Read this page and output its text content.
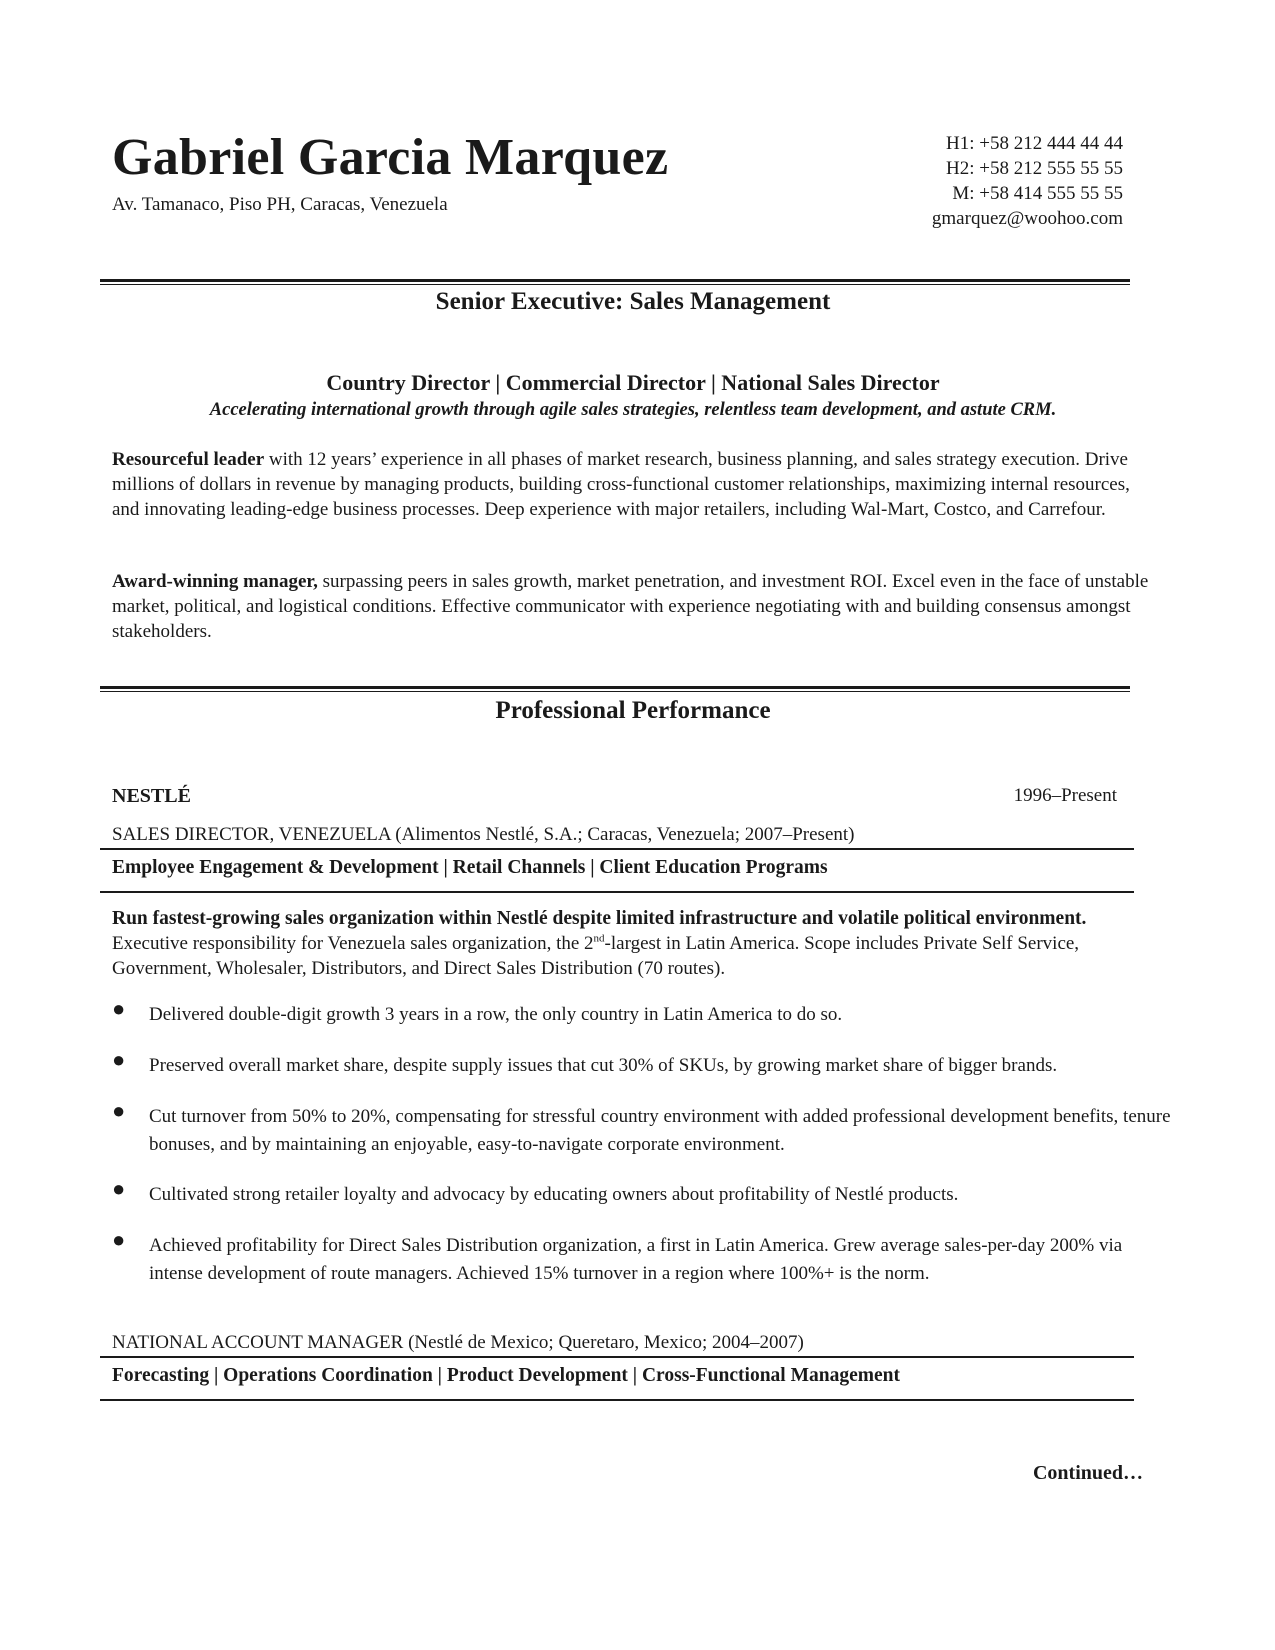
Gabriel Garcia Marquez
Av. Tamanaco, Piso PH, Caracas, Venezuela
H1: +58 212 444 44 44
H2: +58 212 555 55 55
M: +58 414 555 55 55
gmarquez@woohoo.com
Senior Executive: Sales Management
Country Director | Commercial Director | National Sales Director
Accelerating international growth through agile sales strategies, relentless team development, and astute CRM.
Resourceful leader with 12 years’ experience in all phases of market research, business planning, and sales strategy execution. Drive millions of dollars in revenue by managing products, building cross-functional customer relationships, maximizing internal resources, and innovating leading-edge business processes. Deep experience with major retailers, including Wal-Mart, Costco, and Carrefour.
Award-winning manager, surpassing peers in sales growth, market penetration, and investment ROI. Excel even in the face of unstable market, political, and logistical conditions. Effective communicator with experience negotiating with and building consensus amongst stakeholders.
Professional Performance
NESTLÉ	1996–Present
SALES DIRECTOR, VENEZUELA (Alimentos Nestlé, S.A.; Caracas, Venezuela; 2007–Present)
Employee Engagement & Development | Retail Channels | Client Education Programs
Run fastest-growing sales organization within Nestlé despite limited infrastructure and volatile political environment.
Executive responsibility for Venezuela sales organization, the 2nd-largest in Latin America. Scope includes Private Self Service, Government, Wholesaler, Distributors, and Direct Sales Distribution (70 routes).
● Delivered double-digit growth 3 years in a row, the only country in Latin America to do so.
● Preserved overall market share, despite supply issues that cut 30% of SKUs, by growing market share of bigger brands.
● Cut turnover from 50% to 20%, compensating for stressful country environment with added professional development benefits, tenure bonuses, and by maintaining an enjoyable, easy-to-navigate corporate environment.
● Cultivated strong retailer loyalty and advocacy by educating owners about profitability of Nestlé products.
● Achieved profitability for Direct Sales Distribution organization, a first in Latin America. Grew average sales-per-day 200% via intense development of route managers. Achieved 15% turnover in a region where 100%+ is the norm.
NATIONAL ACCOUNT MANAGER (Nestlé de Mexico; Queretaro, Mexico; 2004–2007)
Forecasting | Operations Coordination | Product Development | Cross-Functional Management
Continued…
